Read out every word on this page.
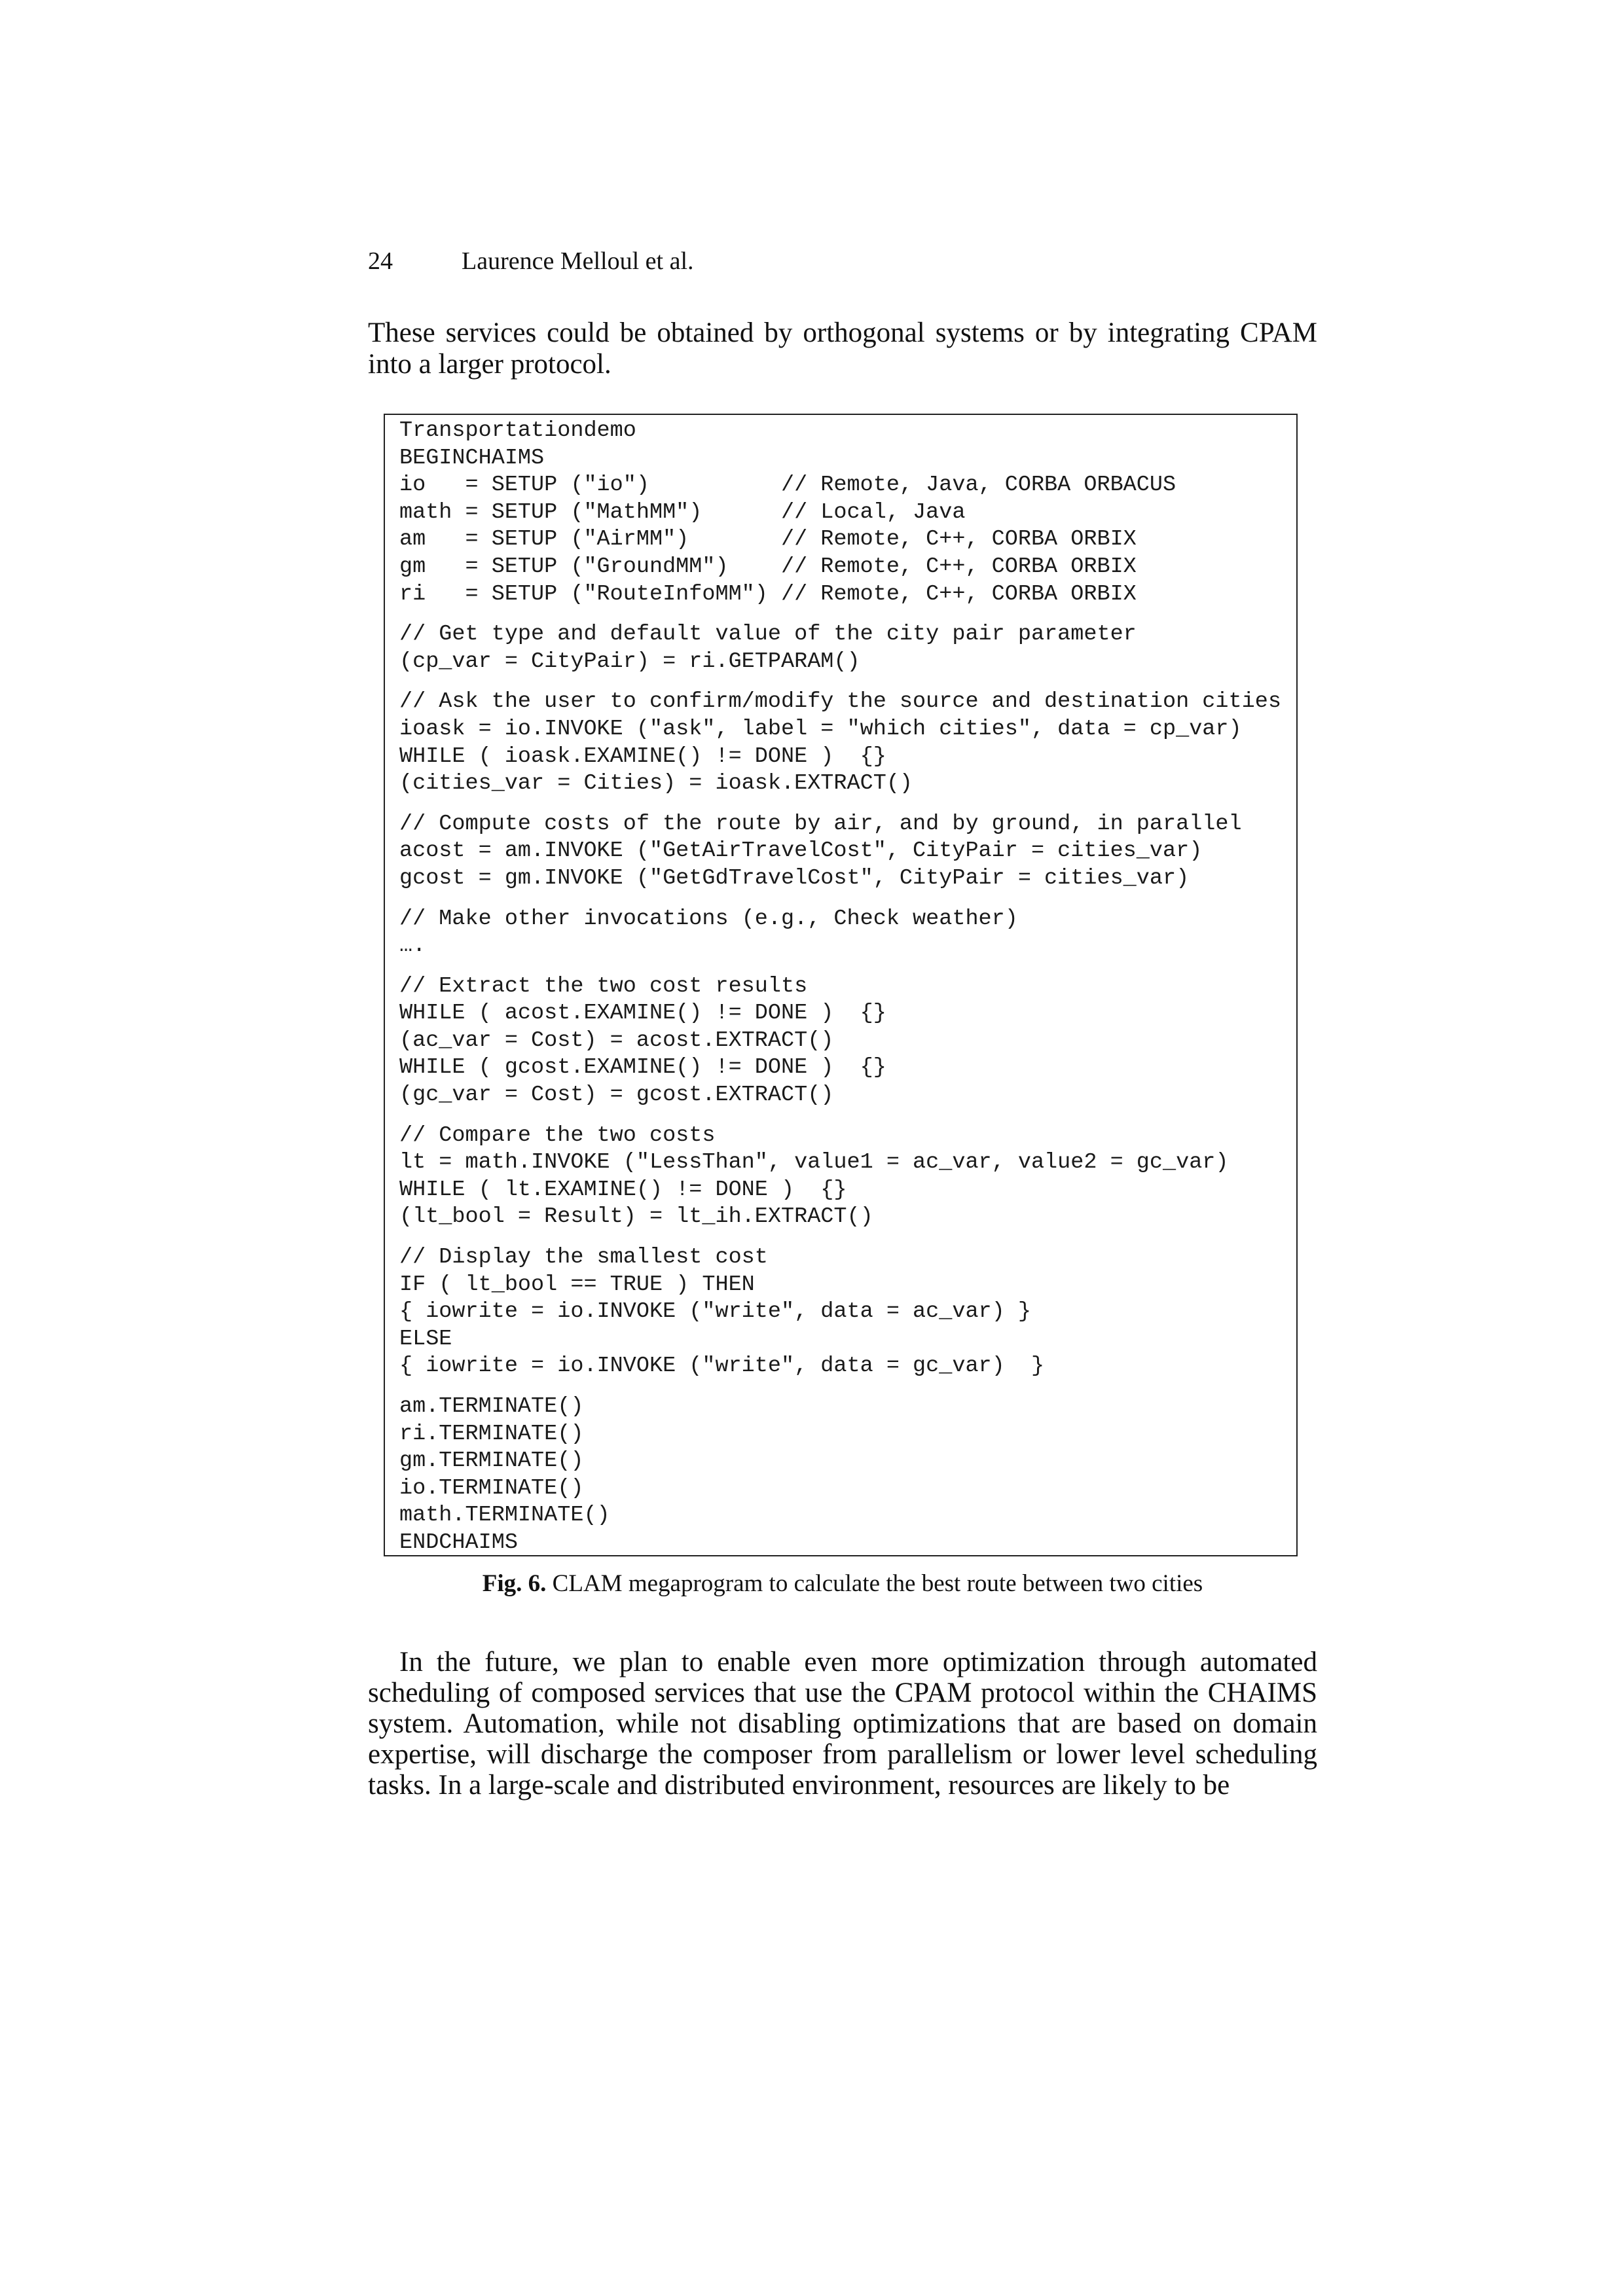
24	Laurence Melloul et al.

These services could be obtained by orthogonal systems or by integrating CPAM into a larger protocol.

Transportationdemo
BEGINCHAIMS
io   = SETUP ("io")          // Remote, Java, CORBA ORBACUS
math = SETUP ("MathMM")      // Local, Java
am   = SETUP ("AirMM")       // Remote, C++, CORBA ORBIX
gm   = SETUP ("GroundMM")    // Remote, C++, CORBA ORBIX
ri   = SETUP ("RouteInfoMM") // Remote, C++, CORBA ORBIX
// Get type and default value of the city pair parameter
(cp_var = CityPair) = ri.GETPARAM()
// Ask the user to confirm/modify the source and destination cities
ioask = io.INVOKE ("ask", label = "which cities", data = cp_var)
WHILE ( ioask.EXAMINE() != DONE )  {}
(cities_var = Cities) = ioask.EXTRACT()
// Compute costs of the route by air, and by ground, in parallel
acost = am.INVOKE ("GetAirTravelCost", CityPair = cities_var)
gcost = gm.INVOKE ("GetGdTravelCost", CityPair = cities_var)
// Make other invocations (e.g., Check weather)
….
// Extract the two cost results
WHILE ( acost.EXAMINE() != DONE )  {}
(ac_var = Cost) = acost.EXTRACT()
WHILE ( gcost.EXAMINE() != DONE )  {}
(gc_var = Cost) = gcost.EXTRACT()
// Compare the two costs
lt = math.INVOKE ("LessThan", value1 = ac_var, value2 = gc_var)
WHILE ( lt.EXAMINE() != DONE )  {}
(lt_bool = Result) = lt_ih.EXTRACT()
// Display the smallest cost
IF ( lt_bool == TRUE ) THEN
{ iowrite = io.INVOKE ("write", data = ac_var) }
ELSE
{ iowrite = io.INVOKE ("write", data = gc_var)  }
am.TERMINATE()
ri.TERMINATE()
gm.TERMINATE()
io.TERMINATE()
math.TERMINATE()
ENDCHAIMS

Fig. 6. CLAM megaprogram to calculate the best route between two cities

In the future, we plan to enable even more optimization through automated scheduling of composed services that use the CPAM protocol within the CHAIMS system. Automation, while not disabling optimizations that are based on domain expertise, will discharge the composer from parallelism or lower level scheduling tasks. In a large-scale and distributed environment, resources are likely to be
